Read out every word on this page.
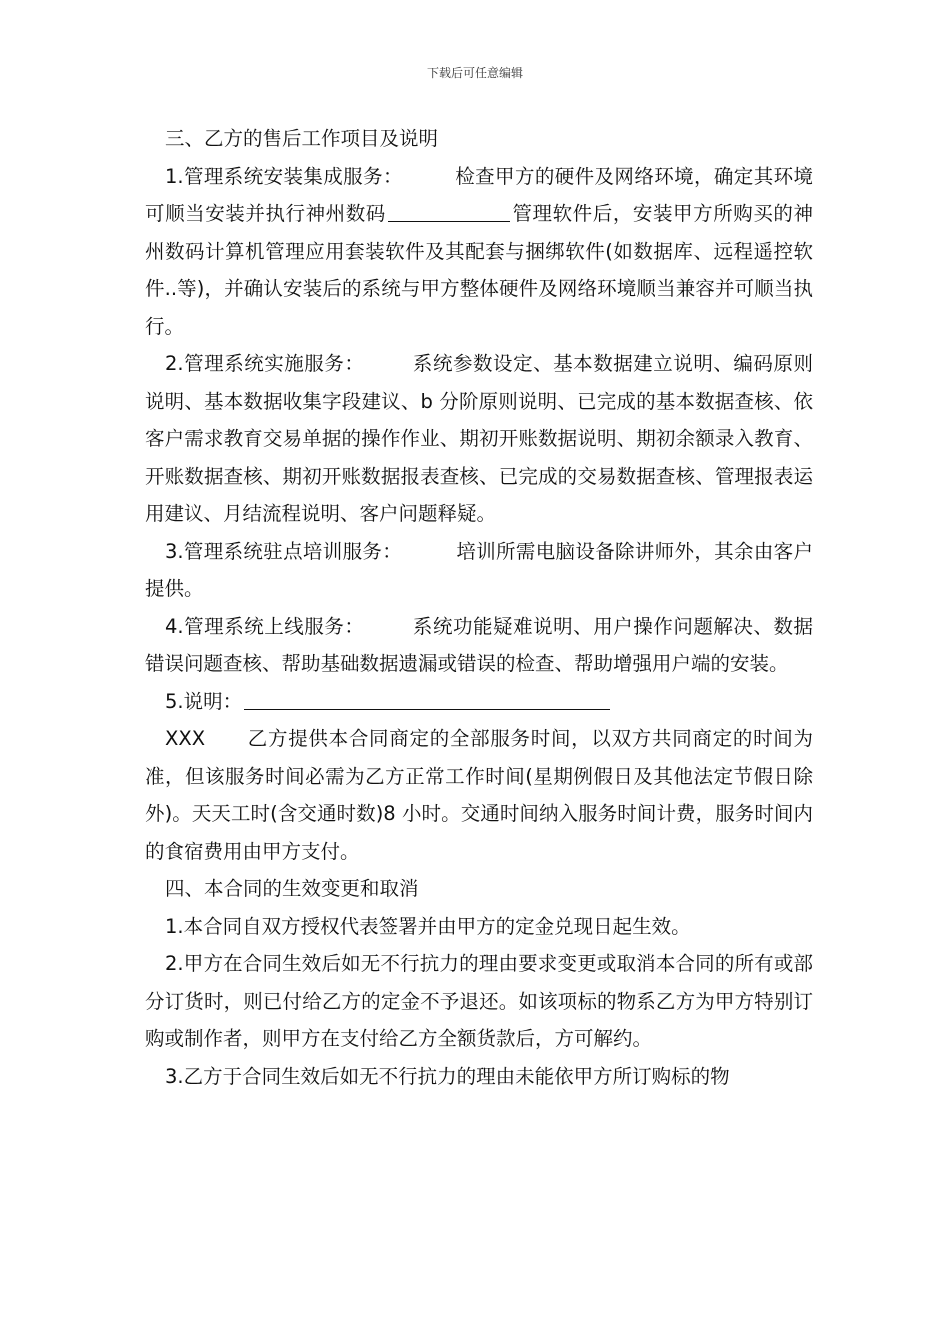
下载后可任意编辑

三、乙方的售后工作项目及说明

1.管理系统安装集成服务：	检查甲方的硬件及网络环境，确定其环境可顺当安装并执行神州数码	管理软件后，安装甲方所购买的神州数码计算机管理应用套装软件及其配套与捆绑软件(如数据库、远程遥控软件..等)，并确认安装后的系统与甲方整体硬件及网络环境顺当兼容并可顺当执行。

2.管理系统实施服务： 系统参数设定、基本数据建立说明、编码原则说明、基本数据收集字段建议、b 分阶原则说明、已完成的基本数据查核、依客户需求教育交易单据的操作作业、期初开账数据说明、期初余额录入教育、开账数据查核、期初开账数据报表查核、已完成的交易数据查核、管理报表运用建议、月结流程说明、客户问题释疑。

3.管理系统驻点培训服务：	培训所需电脑设备除讲师外，其余由客户提供。

4.管理系统上线服务： 系统功能疑难说明、用户操作问题解决、数据错误问题查核、帮助基础数据遗漏或错误的检查、帮助增强用户端的安装。

5.说明：

XXX 乙方提供本合同商定的全部服务时间，以双方共同商定的时间为准，但该服务时间必需为乙方正常工作时间(星期例假日及其他法定节假日除外)。天天工时(含交通时数)8 小时。交通时间纳入服务时间计费，服务时间内的食宿费用由甲方支付。

四、本合同的生效变更和取消

1.本合同自双方授权代表签署并由甲方的定金兑现日起生效。

2.甲方在合同生效后如无不行抗力的理由要求变更或取消本合同的所有或部分订货时，则已付给乙方的定金不予退还。如该项标的物系乙方为甲方特别订购或制作者，则甲方在支付给乙方全额货款后，方可解约。

3.乙方于合同生效后如无不行抗力的理由未能依甲方所订购标的物
